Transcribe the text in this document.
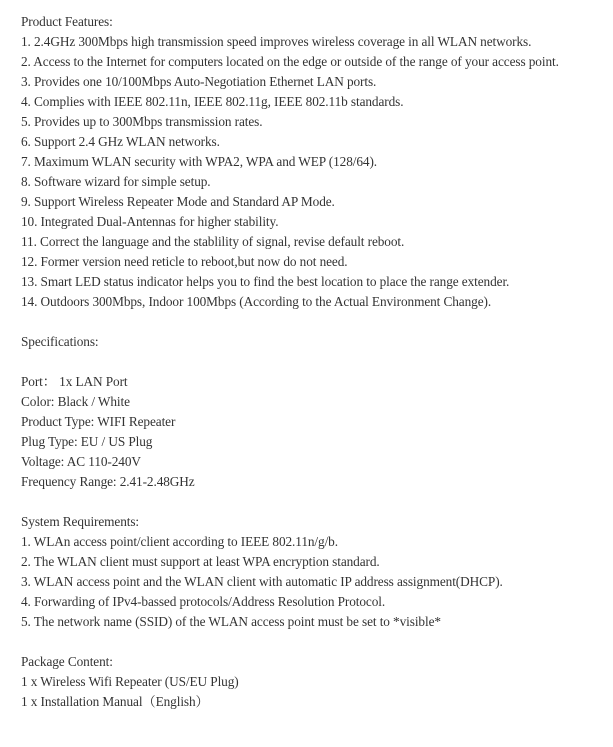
Product Features:
1. 2.4GHz 300Mbps high transmission speed improves wireless coverage in all WLAN networks.
2. Access to the Internet for computers located on the edge or outside of the range of your access point.
3. Provides one 10/100Mbps Auto-Negotiation Ethernet LAN ports.
4. Complies with IEEE 802.11n, IEEE 802.11g, IEEE 802.11b standards.
5. Provides up to 300Mbps transmission rates.
6. Support 2.4 GHz WLAN networks.
7. Maximum WLAN security with WPA2, WPA and WEP (128/64).
8. Software wizard for simple setup.
9. Support Wireless Repeater Mode and Standard AP Mode.
10. Integrated Dual-Antennas for higher stability.
11. Correct the language and the stablility of signal, revise default reboot.
12. Former version need reticle to reboot,but now do not need.
13. Smart LED status indicator helps you to find the best location to place the range extender.
14. Outdoors 300Mbps, Indoor 100Mbps (According to the Actual Environment Change).
Specifications:
Port： 1x LAN Port
Color: Black / White
Product Type: WIFI Repeater
Plug Type: EU / US Plug
Voltage: AC 110-240V
Frequency Range: 2.41-2.48GHz
System Requirements:
1. WLAn access point/client according to IEEE 802.11n/g/b.
2. The WLAN client must support at least WPA encryption standard.
3. WLAN access point and the WLAN client with automatic IP address assignment(DHCP).
4. Forwarding of IPv4-bassed protocols/Address Resolution Protocol.
5. The network name (SSID) of the WLAN access point must be set to *visible*
Package Content:
1 x Wireless Wifi Repeater (US/EU Plug)
1 x Installation Manual（English）
